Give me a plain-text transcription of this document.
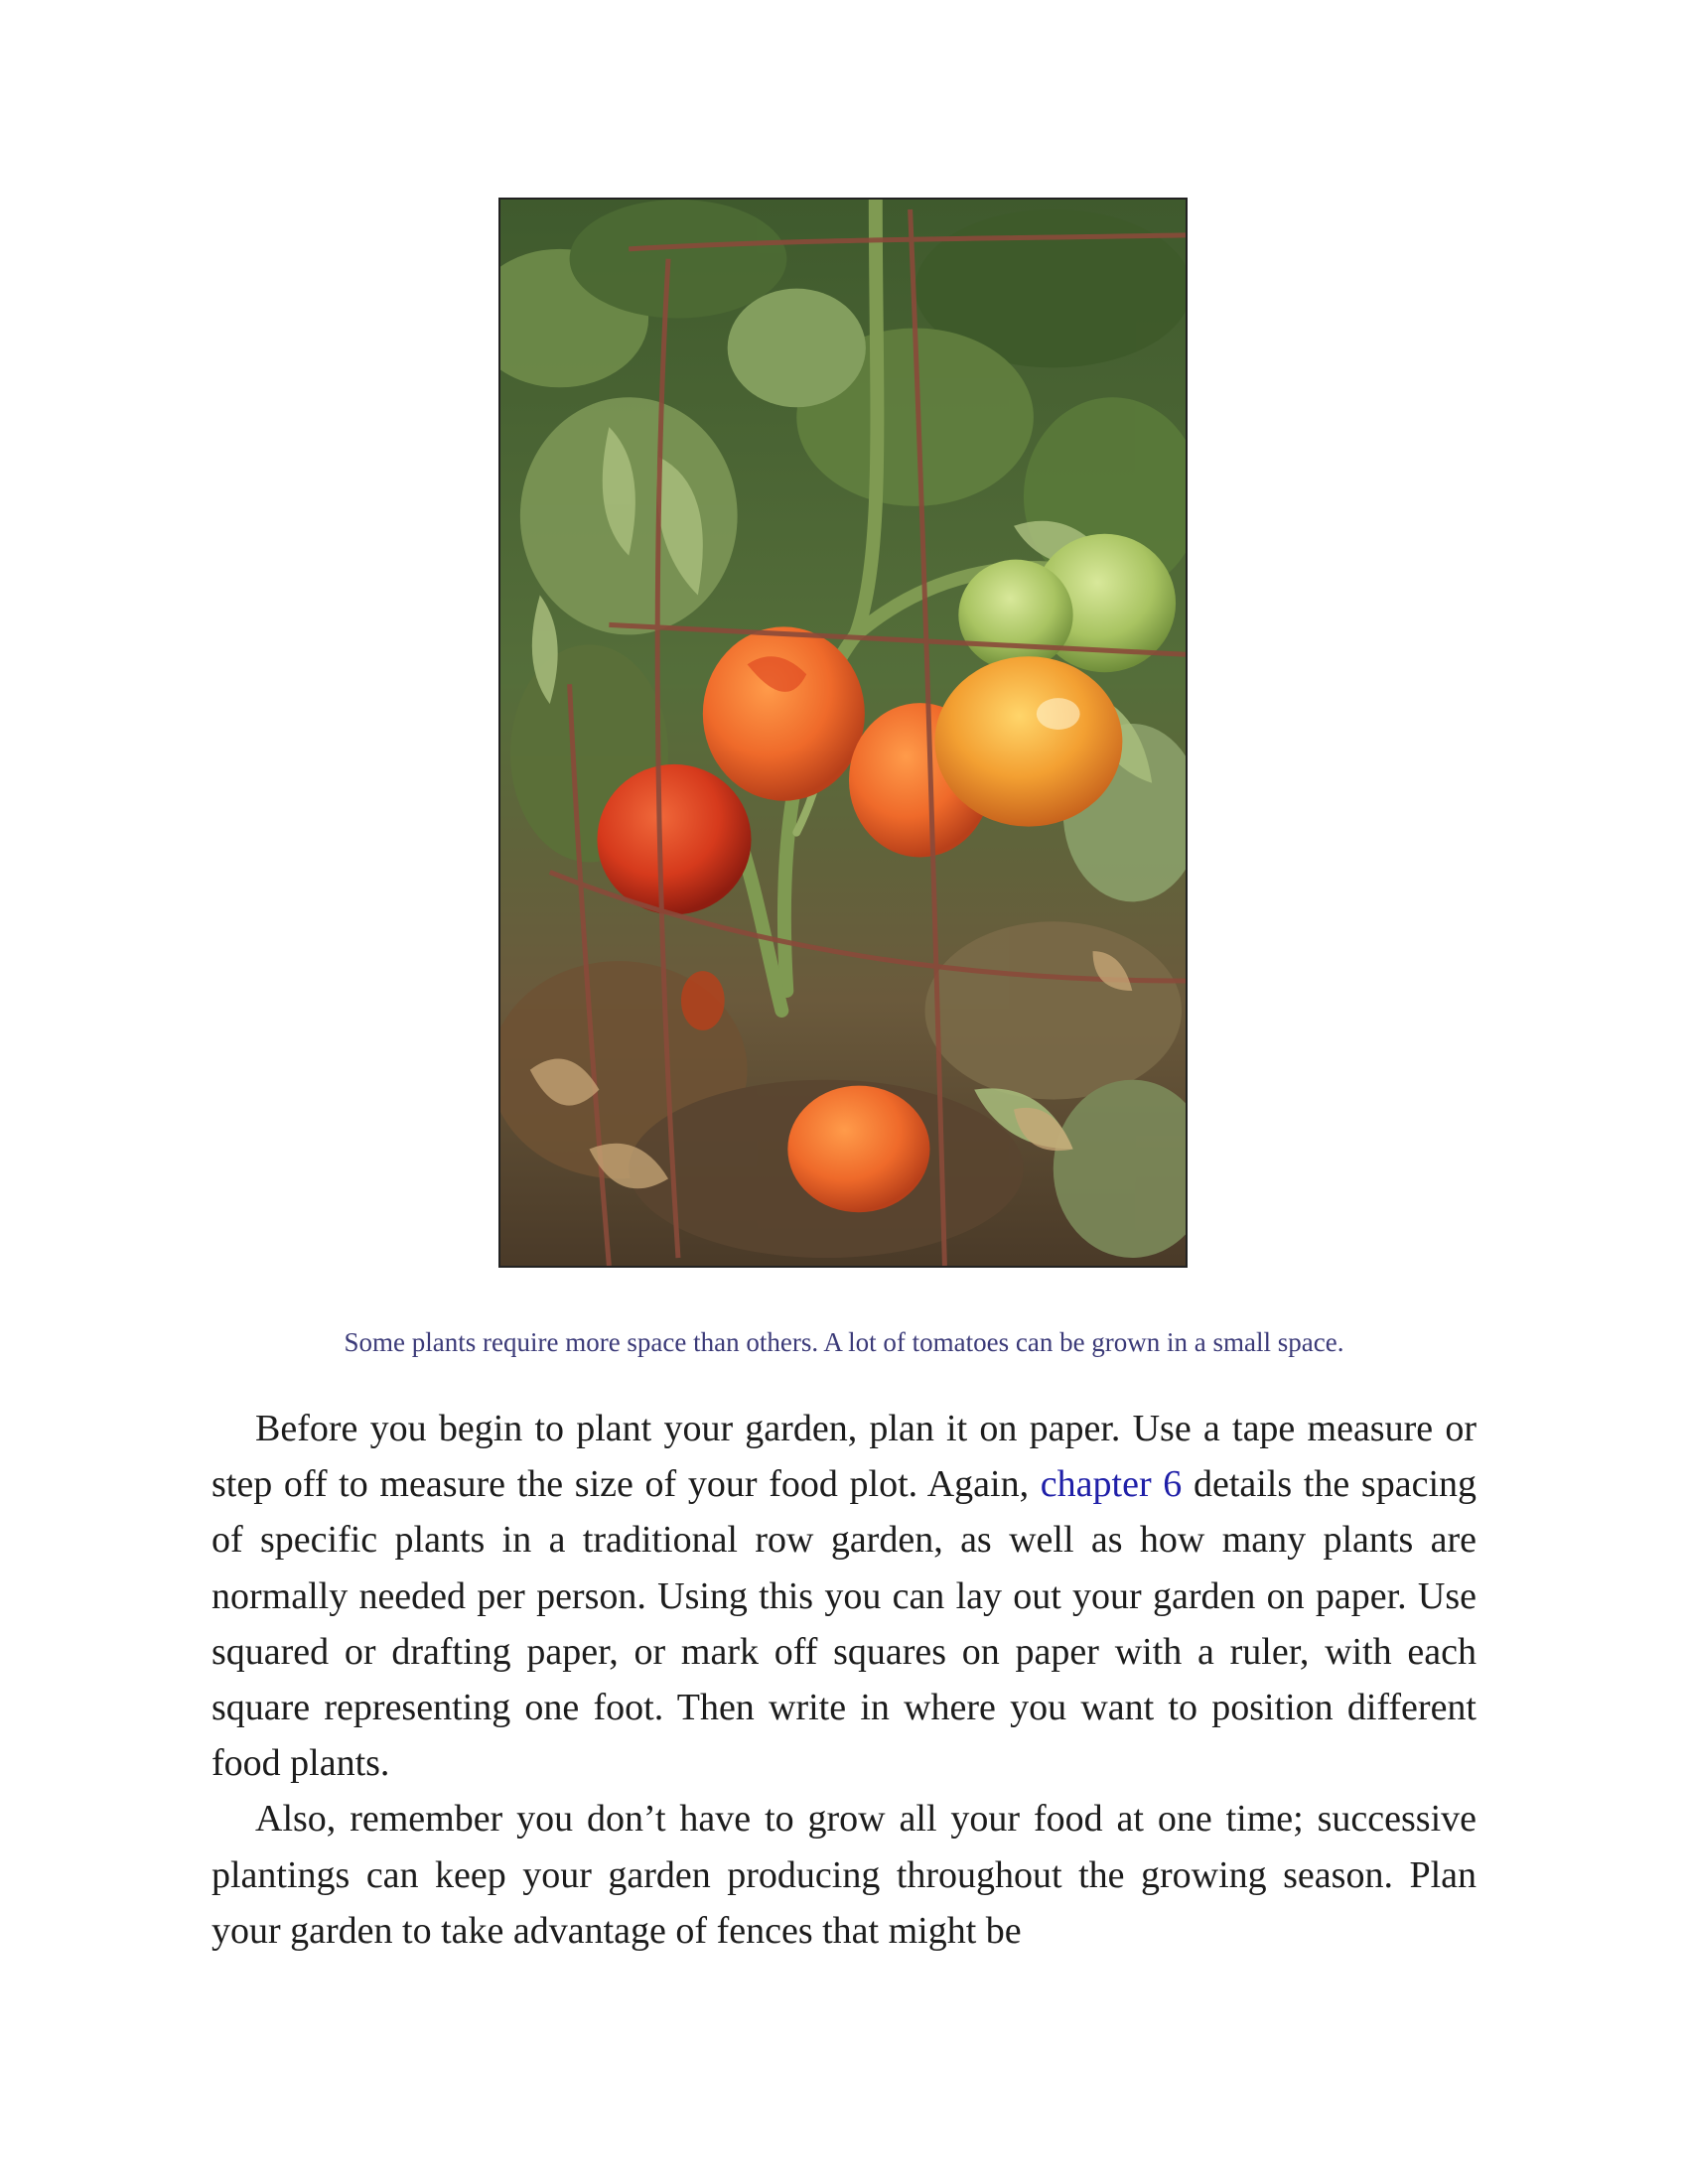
Some plants require more space than others. A lot of tomatoes can be grown in a small space.

Before you begin to plant your garden, plan it on paper. Use a tape measure or step off to measure the size of your food plot. Again, chapter 6 details the spacing of specific plants in a traditional row garden, as well as how many plants are normally needed per person. Using this you can lay out your garden on paper. Use squared or drafting paper, or mark off squares on paper with a ruler, with each square representing one foot. Then write in where you want to position different food plants.

Also, remember you don’t have to grow all your food at one time; successive plantings can keep your garden producing throughout the growing season. Plan your garden to take advantage of fences that might be
